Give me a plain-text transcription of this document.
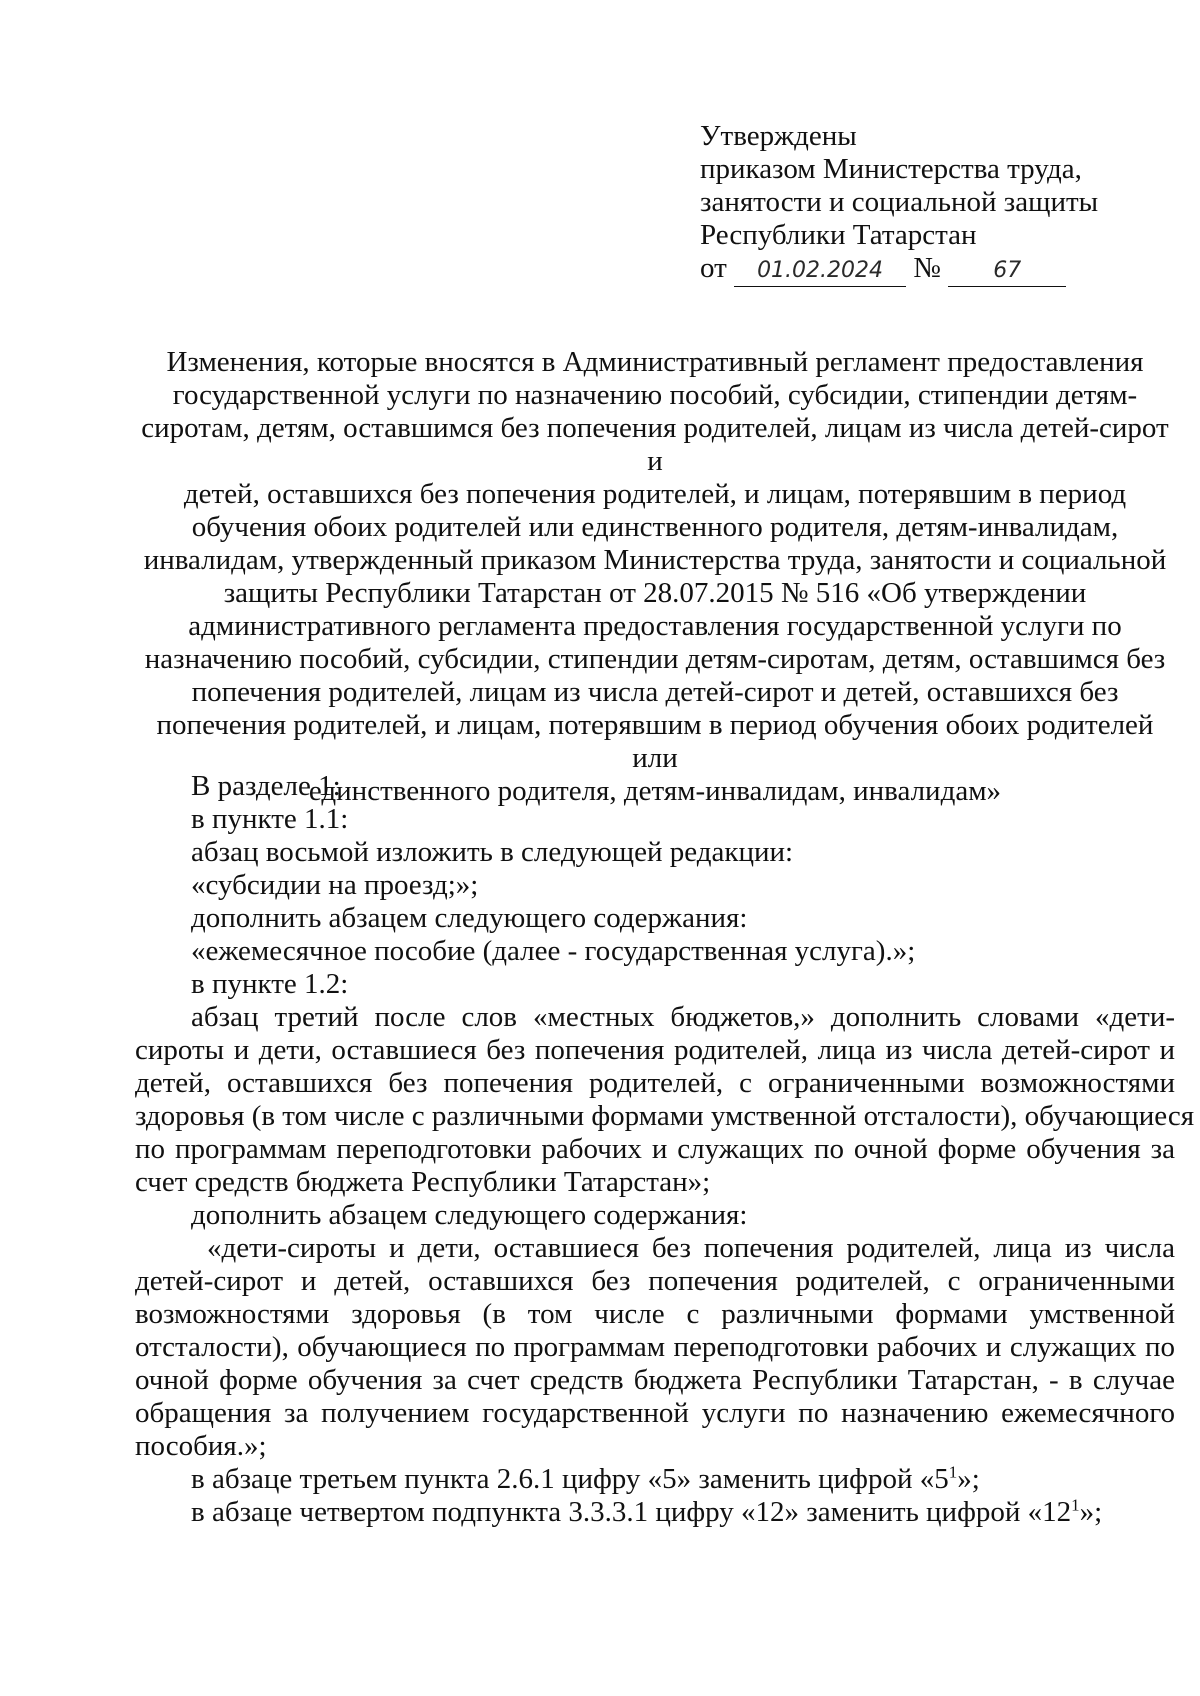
Утверждены
приказом Министерства труда,
занятости и социальной защиты
Республики Татарстан
от 01.02.2024 № 67
Изменения, которые вносятся в Административный регламент предоставления
государственной услуги по назначению пособий, субсидии, стипендии детям-
сиротам, детям, оставшимся без попечения родителей, лицам из числа детей-сирот и
детей, оставшихся без попечения родителей, и лицам, потерявшим в период
обучения обоих родителей или единственного родителя, детям-инвалидам,
инвалидам, утвержденный приказом Министерства труда, занятости и социальной
защиты Республики Татарстан от 28.07.2015 № 516 «Об утверждении
административного регламента предоставления государственной услуги по
назначению пособий, субсидии, стипендии детям-сиротам, детям, оставшимся без
попечения родителей, лицам из числа детей-сирот и детей, оставшихся без
попечения родителей, и лицам, потерявшим в период обучения обоих родителей или
единственного родителя, детям-инвалидам, инвалидам»
В разделе 1:
в пункте 1.1:
абзац восьмой изложить в следующей редакции:
«субсидии на проезд;»;
дополнить абзацем следующего содержания:
«ежемесячное пособие (далее - государственная услуга).»;
в пункте 1.2:
абзац третий после слов «местных бюджетов,» дополнить словами «дети-
сироты и дети, оставшиеся без попечения родителей, лица из числа детей-сирот и
детей, оставшихся без попечения родителей, с ограниченными возможностями
здоровья (в том числе с различными формами умственной отсталости), обучающиеся
по программам переподготовки рабочих и служащих по очной форме обучения за
счет средств бюджета Республики Татарстан»;
дополнить абзацем следующего содержания:
«дети-сироты и дети, оставшиеся без попечения родителей, лица из числа
детей-сирот и детей, оставшихся без попечения родителей, с ограниченными
возможностями здоровья (в том числе с различными формами умственной
отсталости), обучающиеся по программам переподготовки рабочих и служащих по
очной форме обучения за счет средств бюджета Республики Татарстан, - в случае
обращения за получением государственной услуги по назначению ежемесячного
пособия.»;
в абзаце третьем пункта 2.6.1 цифру «5» заменить цифрой «$5^1$»;
в абзаце четвертом подпункта 3.3.3.1 цифру «12» заменить цифрой «$12^1$»;
